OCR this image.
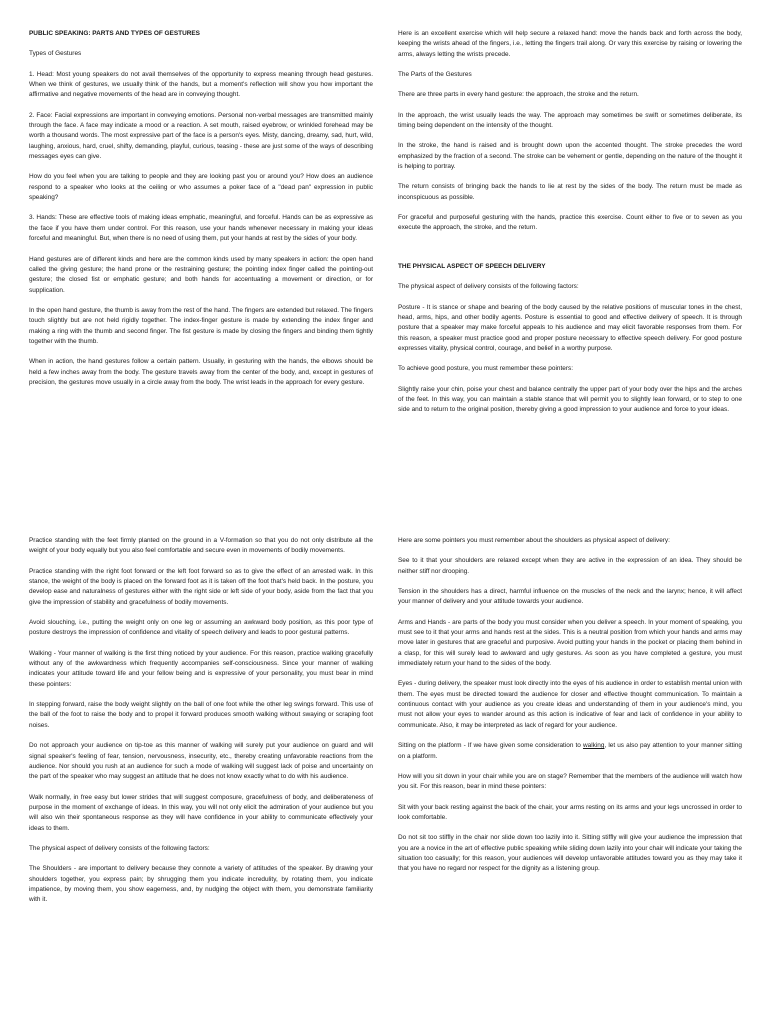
PUBLIC SPEAKING: PARTS AND TYPES OF GESTURES

Types of Gestures

1. Head: Most young speakers do not avail themselves of the opportunity to express meaning through head gestures. When we think of gestures, we usually think of the hands, but a moment's reflection will show you how important the affirmative and negative movements of the head are in conveying thought.

2. Face: Facial expressions are important in conveying emotions. Personal non-verbal messages are transmitted mainly through the face. A face may indicate a mood or a reaction. A set mouth, raised eyebrow, or wrinkled forehead may be worth a thousand words. The most expressive part of the face is a person's eyes. Misty, dancing, dreamy, sad, hurt, wild, laughing, anxious, hard, cruel, shifty, demanding, playful, curious, teasing - these are just some of the ways of describing messages eyes can give.

How do you feel when you are talking to people and they are looking past you or around you? How does an audience respond to a speaker who looks at the ceiling or who assumes a poker face of a "dead pan" expression in public speaking?

3. Hands: These are effective tools of making ideas emphatic, meaningful, and forceful. Hands can be as expressive as the face if you have them under control. For this reason, use your hands whenever necessary in making your ideas forceful and meaningful. But, when there is no need of using them, put your hands at rest by the sides of your body.

Hand gestures are of different kinds and here are the common kinds used by many speakers in action: the open hand called the giving gesture; the hand prone or the restraining gesture; the pointing index finger called the pointing-out gesture; the closed fist or emphatic gesture; and both hands for accentuating a movement or direction, or for supplication.

In the open hand gesture, the thumb is away from the rest of the hand. The fingers are extended but relaxed. The fingers touch slightly but are not held rigidly together. The index-finger gesture is made by extending the index finger and making a ring with the thumb and second finger. The fist gesture is made by closing the fingers and binding them tightly together with the thumb.

When in action, the hand gestures follow a certain pattern. Usually, in gesturing with the hands, the elbows should be held a few inches away from the body. The gesture travels away from the center of the body, and, except in gestures of precision, the gestures move usually in a circle away from the body. The wrist leads in the approach for every gesture.

Here is an excellent exercise which will help secure a relaxed hand: move the hands back and forth across the body, keeping the wrists ahead of the fingers, i.e., letting the fingers trail along. Or vary this exercise by raising or lowering the arms, always letting the wrists precede.

The Parts of the Gestures

There are three parts in every hand gesture: the approach, the stroke and the return.

In the approach, the wrist usually leads the way. The approach may sometimes be swift or sometimes deliberate, its timing being dependent on the intensity of the thought.

In the stroke, the hand is raised and is brought down upon the accented thought. The stroke precedes the word emphasized by the fraction of a second. The stroke can be vehement or gentle, depending on the nature of the thought it is helping to portray.

The return consists of bringing back the hands to lie at rest by the sides of the body. The return must be made as inconspicuous as possible.

For graceful and purposeful gesturing with the hands, practice this exercise. Count either to five or to seven as you execute the approach, the stroke, and the return.

THE PHYSICAL ASPECT OF SPEECH DELIVERY

The physical aspect of delivery consists of the following factors:

Posture - It is stance or shape and bearing of the body caused by the relative positions of muscular tones in the chest, head, arms, hips, and other bodily agents. Posture is essential to good and effective delivery of speech. It is through posture that a speaker may make forceful appeals to his audience and may elicit favorable responses from them. For this reason, a speaker must practice good and proper posture necessary to effective speech delivery. For good posture expresses vitality, physical control, courage, and belief in a worthy purpose.

To achieve good posture, you must remember these pointers:

Slightly raise your chin, poise your chest and balance centrally the upper part of your body over the hips and the arches of the feet. In this way, you can maintain a stable stance that will permit you to slightly lean forward, or to step to one side and to return to the original position, thereby giving a good impression to your audience and force to your ideas.

Practice standing with the feet firmly planted on the ground in a V-formation so that you do not only distribute all the weight of your body equally but you also feel comfortable and secure even in movements of bodily movements.

Practice standing with the right foot forward or the left foot forward so as to give the effect of an arrested walk. In this stance, the weight of the body is placed on the forward foot as it is taken off the foot that's held back. In the posture, you develop ease and naturalness of gestures either with the right side or left side of your body, aside from the fact that you give the impression of stability and gracefulness of bodily movements.

Avoid slouching, i.e., putting the weight only on one leg or assuming an awkward body position, as this poor type of posture destroys the impression of confidence and vitality of speech delivery and leads to poor gestural patterns.

Walking - Your manner of walking is the first thing noticed by your audience. For this reason, practice walking gracefully without any of the awkwardness which frequently accompanies self-consciousness. Since your manner of walking indicates your attitude toward life and your fellow being and is expressive of your personality, you must bear in mind these pointers:

In stepping forward, raise the body weight slightly on the ball of one foot while the other leg swings forward. This use of the ball of the foot to raise the body and to propel it forward produces smooth walking without swaying or scraping foot noises.

Do not approach your audience on tip-toe as this manner of walking will surely put your audience on guard and will signal speaker's feeling of fear, tension, nervousness, insecurity, etc., thereby creating unfavorable reactions from the audience. Nor should you rush at an audience for such a mode of walking will suggest lack of poise and uncertainty on the part of the speaker who may suggest an attitude that he does not know exactly what to do with his audience.

Walk normally, in free easy but lower strides that will suggest composure, gracefulness of body, and deliberateness of purpose in the moment of exchange of ideas. In this way, you will not only elicit the admiration of your audience but you will also win their spontaneous response as they will have confidence in your ability to communicate effectively your ideas to them.

The physical aspect of delivery consists of the following factors:

The Shoulders - are important to delivery because they connote a variety of attitudes of the speaker. By drawing your shoulders together, you express pain; by shrugging them you indicate incredulity, by rotating them, you indicate impatience, by moving them, you show eagerness, and, by nudging the object with them, you demonstrate familiarity with it.

Here are some pointers you must remember about the shoulders as physical aspect of delivery:

See to it that your shoulders are relaxed except when they are active in the expression of an idea. They should be neither stiff nor drooping.

Tension in the shoulders has a direct, harmful influence on the muscles of the neck and the larynx; hence, it will affect your manner of delivery and your attitude towards your audience.

Arms and Hands - are parts of the body you must consider when you deliver a speech. In your moment of speaking, you must see to it that your arms and hands rest at the sides. This is a neutral position from which your hands and arms may move later in gestures that are graceful and purposive. Avoid putting your hands in the pocket or placing them behind in a clasp, for this will surely lead to awkward and ugly gestures. As soon as you have completed a gesture, you must immediately return your hand to the sides of the body.

Eyes - during delivery, the speaker must look directly into the eyes of his audience in order to establish mental union with them. The eyes must be directed toward the audience for closer and effective thought communication. To maintain a continuous contact with your audience as you create ideas and understanding of them in your audience's mind, you must not allow your eyes to wander around as this action is indicative of fear and lack of confidence in your ability to communicate. Also, it may be interpreted as lack of regard for your audience.

Sitting on the platform - If we have given some consideration to walking, let us also pay attention to your manner sitting on a platform.

How will you sit down in your chair while you are on stage? Remember that the members of the audience will watch how you sit. For this reason, bear in mind these pointers:

Sit with your back resting against the back of the chair, your arms resting on its arms and your legs uncrossed in order to look comfortable.

Do not sit too stiffly in the chair nor slide down too lazily into it. Sitting stiffly will give your audience the impression that you are a novice in the art of effective public speaking while sliding down lazily into your chair will indicate your taking the situation too casually; for this reason, your audiences will develop unfavorable attitudes toward you as they may take it that you have no regard nor respect for the dignity as a listening group.
